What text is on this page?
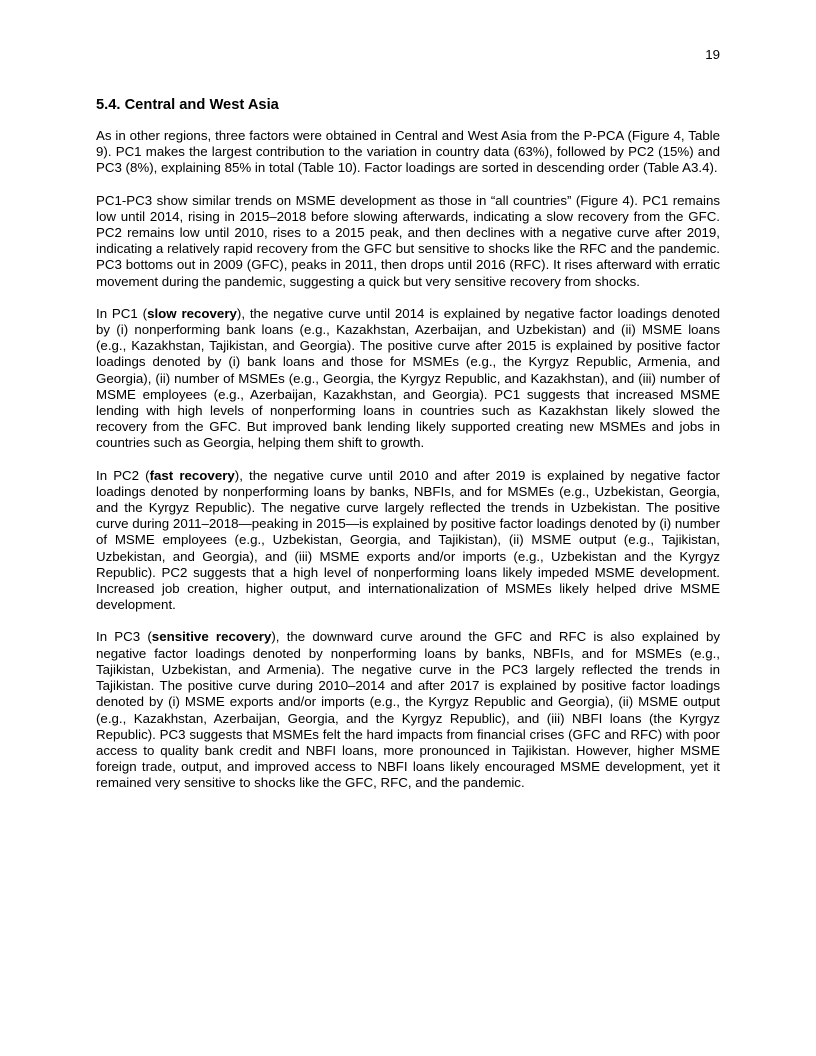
19
5.4. Central and West Asia

As in other regions, three factors were obtained in Central and West Asia from the P-PCA (Figure 4, Table 9). PC1 makes the largest contribution to the variation in country data (63%), followed by PC2 (15%) and PC3 (8%), explaining 85% in total (Table 10). Factor loadings are sorted in descending order (Table A3.4).

PC1-PC3 show similar trends on MSME development as those in “all countries” (Figure 4). PC1 remains low until 2014, rising in 2015–2018 before slowing afterwards, indicating a slow recovery from the GFC. PC2 remains low until 2010, rises to a 2015 peak, and then declines with a negative curve after 2019, indicating a relatively rapid recovery from the GFC but sensitive to shocks like the RFC and the pandemic. PC3 bottoms out in 2009 (GFC), peaks in 2011, then drops until 2016 (RFC). It rises afterward with erratic movement during the pandemic, suggesting a quick but very sensitive recovery from shocks.

In PC1 (slow recovery), the negative curve until 2014 is explained by negative factor loadings denoted by (i) nonperforming bank loans (e.g., Kazakhstan, Azerbaijan, and Uzbekistan) and (ii) MSME loans (e.g., Kazakhstan, Tajikistan, and Georgia). The positive curve after 2015 is explained by positive factor loadings denoted by (i) bank loans and those for MSMEs (e.g., the Kyrgyz Republic, Armenia, and Georgia), (ii) number of MSMEs (e.g., Georgia, the Kyrgyz Republic, and Kazakhstan), and (iii) number of MSME employees (e.g., Azerbaijan, Kazakhstan, and Georgia). PC1 suggests that increased MSME lending with high levels of nonperforming loans in countries such as Kazakhstan likely slowed the recovery from the GFC. But improved bank lending likely supported creating new MSMEs and jobs in countries such as Georgia, helping them shift to growth.

In PC2 (fast recovery), the negative curve until 2010 and after 2019 is explained by negative factor loadings denoted by nonperforming loans by banks, NBFIs, and for MSMEs (e.g., Uzbekistan, Georgia, and the Kyrgyz Republic). The negative curve largely reflected the trends in Uzbekistan. The positive curve during 2011–2018—peaking in 2015—is explained by positive factor loadings denoted by (i) number of MSME employees (e.g., Uzbekistan, Georgia, and Tajikistan), (ii) MSME output (e.g., Tajikistan, Uzbekistan, and Georgia), and (iii) MSME exports and/or imports (e.g., Uzbekistan and the Kyrgyz Republic). PC2 suggests that a high level of nonperforming loans likely impeded MSME development. Increased job creation, higher output, and internationalization of MSMEs likely helped drive MSME development.

In PC3 (sensitive recovery), the downward curve around the GFC and RFC is also explained by negative factor loadings denoted by nonperforming loans by banks, NBFIs, and for MSMEs (e.g., Tajikistan, Uzbekistan, and Armenia). The negative curve in the PC3 largely reflected the trends in Tajikistan. The positive curve during 2010–2014 and after 2017 is explained by positive factor loadings denoted by (i) MSME exports and/or imports (e.g., the Kyrgyz Republic and Georgia), (ii) MSME output (e.g., Kazakhstan, Azerbaijan, Georgia, and the Kyrgyz Republic), and (iii) NBFI loans (the Kyrgyz Republic). PC3 suggests that MSMEs felt the hard impacts from financial crises (GFC and RFC) with poor access to quality bank credit and NBFI loans, more pronounced in Tajikistan. However, higher MSME foreign trade, output, and improved access to NBFI loans likely encouraged MSME development, yet it remained very sensitive to shocks like the GFC, RFC, and the pandemic.
